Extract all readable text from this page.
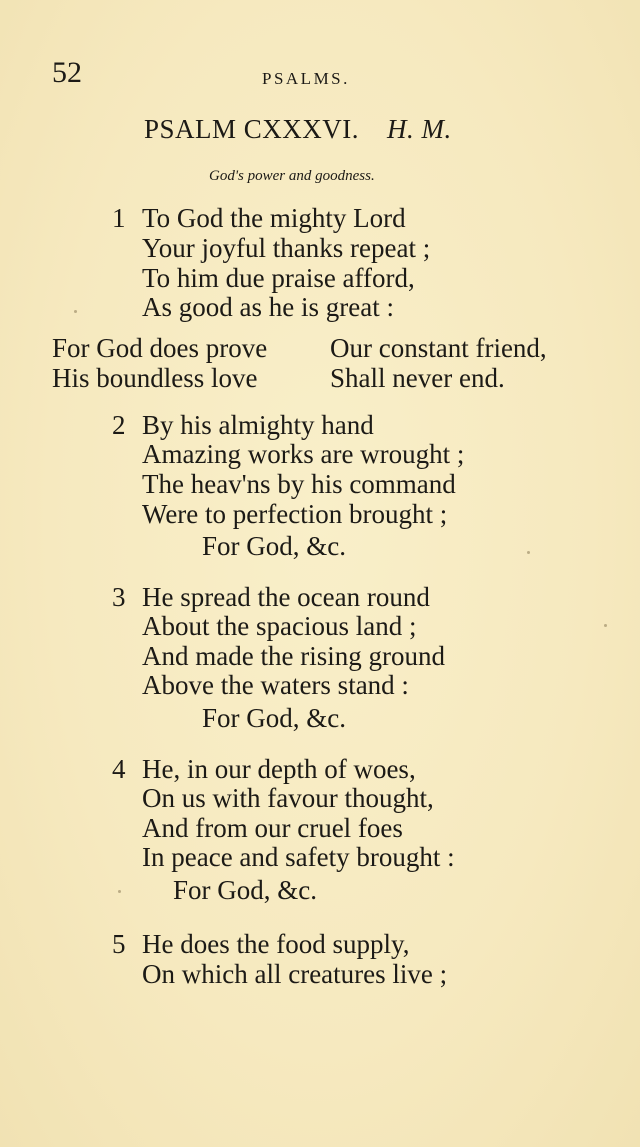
52	PSALMS.
PSALM CXXXVI. H. M.
God's power and goodness.
1 To God the mighty Lord
Your joyful thanks repeat ;
To him due praise afford,
As good as he is great :
For God does prove Our constant friend,
His boundless love	Shall never end.
2 By his almighty hand
Amazing works are wrought ;
The heav'ns by his command
Were to perfection brought ;
For God, &c.
3 He spread the ocean round
About the spacious land ;
And made the rising ground
Above the waters stand :
For God, &c.
4 He, in our depth of woes,
On us with favour thought,
And from our cruel foes
In peace and safety brought :
For God, &c.
5 He does the food supply,
On which all creatures live ;
